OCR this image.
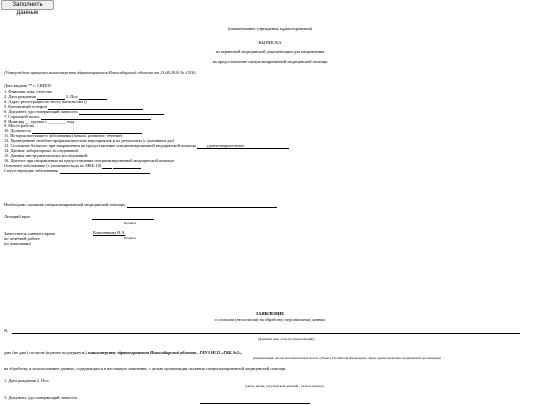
Заполнить данные
(наименование учреждения здравоохранения)
ВЫПИСКА
из первичной медицинской документации для направления
на предоставление специализированной медицинской помощи
(Утверждена приказом министерства здравоохранения Новосибирской области от 11.08.2010 № 1516)
Дата выдачи ** г. СНИЛС
1. Фамилия, имя, отчество
2. Дата рождения	3. Пол
4. Адрес регистрации по месту жительства ()
5. Контактный телефон
6. Документ, удостоверяющий личность
7. Страховой полис
8. Инвалид __ группы с ________ года
9. Место работы
10. Должность
11. История настоящего заболевания (начало, развитие, течение)
12. Проведенные лечебно-профилактические мероприятия и их результаты (с указанием дат)
13. Состояние больного при направлении на предоставление специализированной медицинской помощи	удовлетворительное
14. Данные лабораторных исследований:
15. Данные инструментальных исследований:
16. Диагноз при направлении на предоставление специализированной медицинской помощи
Основное заболевание (с указанием кода по МКБ 10)
Сопутствующие заболевания:
Необходимо оказание специализированной медицинской помощи:
Лечащий врач
Подпись
Заместитель главного врача
по лечебной работе
(по поликлинике)
Коваленкова Н.А.
Подпись
ЗАЯВЛЕНИЕ
о согласии (несогласии) на обработку персональных данных
Я,
(фамилия, имя, отчество (при наличии))
даю (не даю) согласие (нужное подчеркнуть) министерству здравоохранения Новосибирской области , ГБУЗ НСО «ГКБ №2»,
(наименование органа исполнительной власти субъекта Российской Федерации в сфере здравоохранения, медицинской организации)
на обработку и использование данных, содержащихся в настоящем заявлении, с целью организации оказания специализированной медицинской помощи.
1. Дата рождения 2. Пол
(число, месяц, год (мужской, женский - указать нужное)
3. Документ, удостоверяющий личность
